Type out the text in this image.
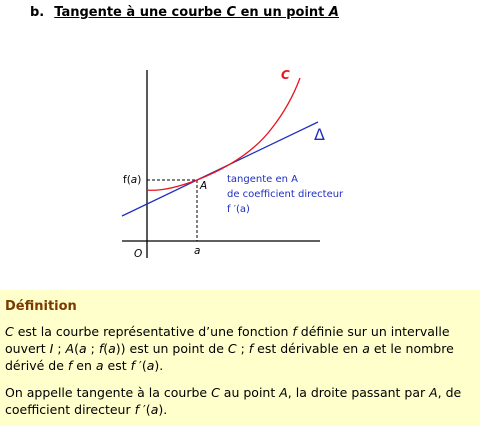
b. Tangente à une courbe C en un point A
C
Δ
f(a)	A
O	a
tangente en A
de coefficient directeur
f ′(a)
Définition

C est la courbe représentative d’une fonction f définie sur un intervalle ouvert I ; A(a ; f(a)) est un point de C ; f est dérivable en a et le nombre dérivé de f en a est f ′(a).

On appelle tangente à la courbe C au point A, la droite passant par A, de coefficient directeur f ′(a).
